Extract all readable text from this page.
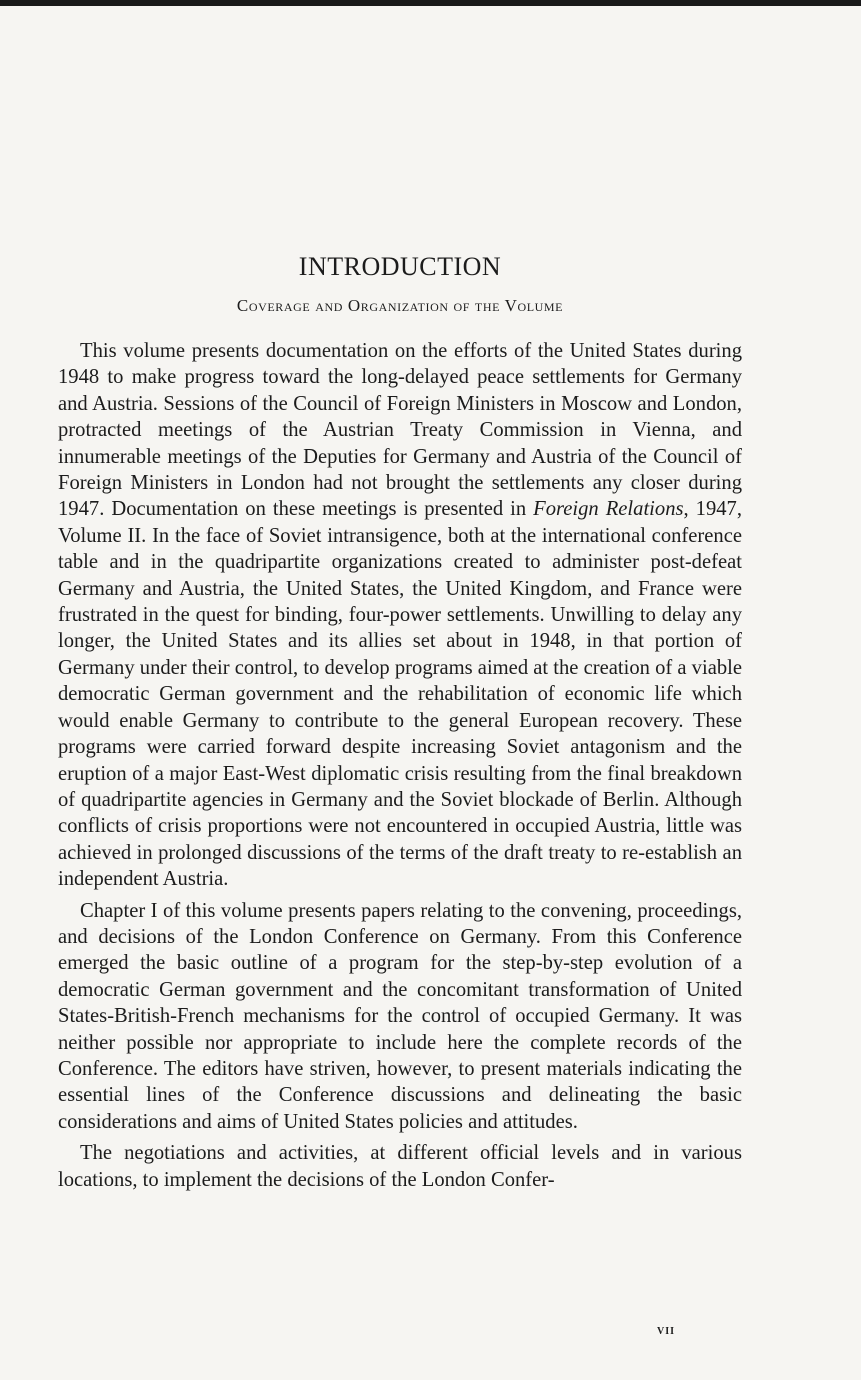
INTRODUCTION
Coverage and Organization of the Volume

This volume presents documentation on the efforts of the United States during 1948 to make progress toward the long-delayed peace settlements for Germany and Austria. Sessions of the Council of Foreign Ministers in Moscow and London, protracted meetings of the Austrian Treaty Commission in Vienna, and innumerable meetings of the Deputies for Germany and Austria of the Council of Foreign Ministers in London had not brought the settlements any closer during 1947. Documentation on these meetings is presented in Foreign Relations, 1947, Volume II. In the face of Soviet intransigence, both at the international conference table and in the quadripartite organizations created to administer post-defeat Germany and Austria, the United States, the United Kingdom, and France were frustrated in the quest for binding, four-power settlements. Unwilling to delay any longer, the United States and its allies set about in 1948, in that portion of Germany under their control, to develop programs aimed at the creation of a viable democratic German government and the rehabilitation of economic life which would enable Germany to contribute to the general European recovery. These programs were carried forward despite increasing Soviet antagonism and the eruption of a major East-West diplomatic crisis resulting from the final breakdown of quadripartite agencies in Germany and the Soviet blockade of Berlin. Although conflicts of crisis proportions were not encountered in occupied Austria, little was achieved in prolonged discussions of the terms of the draft treaty to re-establish an independent Austria.

Chapter I of this volume presents papers relating to the convening, proceedings, and decisions of the London Conference on Germany. From this Conference emerged the basic outline of a program for the step-by-step evolution of a democratic German government and the concomitant transformation of United States-British-French mechanisms for the control of occupied Germany. It was neither possible nor appropriate to include here the complete records of the Conference. The editors have striven, however, to present materials indicating the essential lines of the Conference discussions and delineating the basic considerations and aims of United States policies and attitudes.

The negotiations and activities, at different official levels and in various locations, to implement the decisions of the London Confer-

vii
